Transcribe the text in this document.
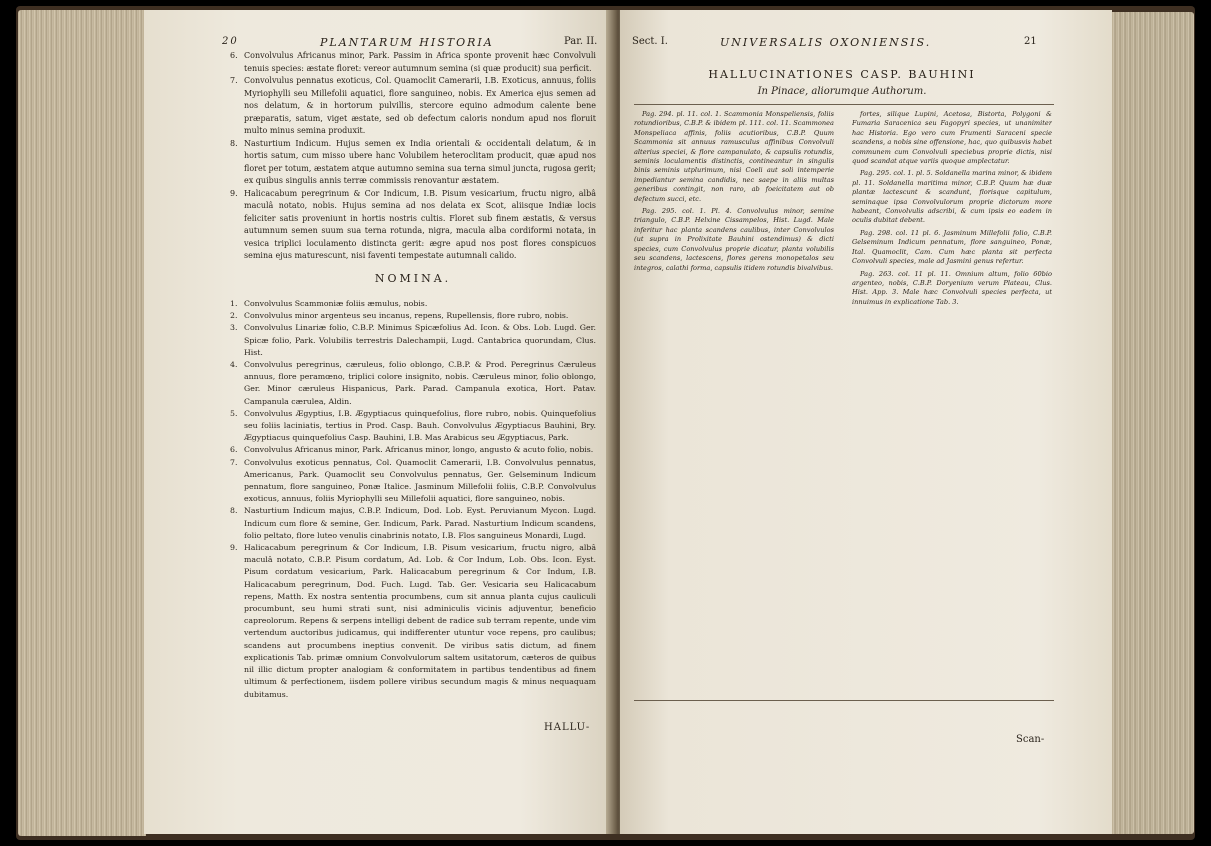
20	PLANTARUM HISTORIA	Par. II.
6. Convolvulus Africanus minor, Park. Passim in Africa sponte provenit hæc Convolvuli tenuis species: æstate floret: vereor autumnum semina (si quæ producit) sua perficit.
7. Convolvulus pennatus exoticus, Col. Quamoclit Camerarii, I.B. Exoticus, annuus, foliis Myriophylli seu Millefolii aquatici, flore sanguineo, nobis. Ex America ejus semen ad nos delatum, & in hortorum pulvillis, stercore equino admodum calente bene præparatis, satum, viget æstate, sed ob defectum caloris nondum apud nos floruit multo minus semina produxit.
8. Nasturtium Indicum. Hujus semen ex India orientali & occidentali delatum, & in hortis satum, cum misso ubere hanc Volubilem heteroclitam producit, quæ apud nos floret per totum, æstatem atque autumno semina sua terna simul juncta, rugosa gerit; ex quibus singulis annis terræ commissis renovantur æstatem.
9. Halicacabum peregrinum & Cor Indicum, I.B. Pisum vesicarium, fructu nigro, albâ maculâ notato, nobis. Hujus semina ad nos delata ex Scot, aliisque Indiæ locis feliciter satis proveniunt in hortis nostris cultis. Floret sub finem æstatis, & versus autumnum semen suum sua terna rotunda, nigra, macula alba cordiformi notata, in vesica triplici loculamento distincta gerit: ægre apud nos post flores conspicuos semina ejus maturescunt, nisi faventi tempestate autumnali calido.
NOMINA.
1. Convolvulus Scammoniæ foliis æmulus, nobis.
2. Convolvulus minor argenteus seu incanus, repens, Rupellensis, flore rubro, nobis.
3. Convolvulus Linariæ folio, C.B.P. Minimus Spicæfolius Ad. Icon. & Obs. Lob. Lugd. Ger. Spicæ folio, Park. Volubilis terrestris Dalechampii, Lugd. Cantabrica quorundam, Clus. Hist.
4. Convolvulus peregrinus, cæruleus, folio oblongo, C.B.P. & Prod. Peregrinus Cæruleus annuus, flore peramœno, triplici colore insignito, nobis. Cæruleus minor, folio oblongo, Ger. Minor cæruleus Hispanicus, Park. Parad. Campanula exotica, Hort. Patav. Campanula cærulea, Aldin.
5. Convolvulus Ægyptius, I.B. Ægyptiacus quinquefolius, flore rubro, nobis. Quinquefolius seu foliis laciniatis, tertius in Prod. Casp. Bauh. Convolvulus Ægyptiacus Bauhini, Bry. Ægyptiacus quinquefolius Casp. Bauhini, I.B. Mas Arabicus seu Ægyptiacus, Park.
6. Convolvulus Africanus minor, Park. Africanus minor, longo, angusto & acuto folio, nobis.
7. Convolvulus exoticus pennatus, Col. Quamoclit Camerarii, I.B. Convolvulus pennatus, Americanus, Park. Quamoclit seu Convolvulus pennatus, Ger. Gelseminum Indicum pennatum, flore sanguineo, Ponæ Italice. Jasminum Millefolii foliis, C.B.P. Convolvulus exoticus, annuus, foliis Myriophylli seu Millefolii aquatici, flore sanguineo, nobis.
8. Nasturtium Indicum majus, C.B.P. Indicum, Dod. Lob. Eyst. Peruvianum Mycon. Lugd. Indicum cum flore & semine, Ger. Indicum, Park. Parad. Nasturtium Indicum scandens, folio peltato, flore luteo venulis cinabrinis notato, I.B. Flos sanguineus Monardi, Lugd.
9. Halicacabum peregrinum & Cor Indicum, I.B. Pisum vesicarium, fructu nigro, albâ maculâ notato, C.B.P. Pisum cordatum, Ad. Lob. & Cor Indum, Lob. Obs. Icon. Eyst. Pisum cordatum vesicarium, Park. Halicacabum peregrinum & Cor Indum, I.B. Halicacabum peregrinum, Dod. Fuch. Lugd. Tab. Ger. Vesicaria seu Halicacabum repens, Matth. Ex nostra sententia procumbens, cum sit annua planta cujus cauliculi procumbunt, seu humi strati sunt, nisi adminiculis vicinis adjuventur, beneficio capreolorum. Repens & serpens intelligi debent de radice sub terram repente, unde vim vertendum auctoribus judicamus, qui indifferenter utuntur voce repens, pro caulibus; scandens aut procumbens ineptius convenit. De viribus satis dictum, ad finem explicationis Tab. primæ omnium Convolvulorum saltem usitatorum, cæteros de quibus nil illic dictum propter analogiam & conformitatem in partibus tendentibus ad finem ultimum & perfectionem, iisdem pollere viribus secundum magis & minus nequaquam dubitamus.
HALLU-
Sect. I.	UNIVERSALIS OXONIENSIS.	21
HALLUCINATIONES CASP. BAUHINI
In Pinace, aliorumque Authorum.

Pag. 294. pl. 11. col. 1. Scammonia Monspeliensis, foliis rotundioribus, C.B.P. & ibidem pl. 111. col. 11. Scammonea Monspeliaca affinis, foliis acutioribus, C.B.P. Quum Scammonia sit annuus ramusculus affinibus Convolvuli alterius speciei, & flore campanulato, & capsulis rotundis, seminis loculamentis distinctis, contineantur in singulis binis seminis utplurimum, nisi Coeli aut soli intemperie impediantur semina candidis, nec saepe in aliis multas generibus contingit, non raro, ab foeicitatem aut ob defectum succi, etc.

Pag. 295. col. 1. Pl. 4. Convolvulus minor, semine triangulo, C.B.P. Helxine Cissampelos, Hist. Lugd. Male inferitur hac planta scandens caulibus, inter Convolvulos (ut supra in Prolixitate Bauhini ostendimus) & dicti species, cum Convolvulus proprie dicatur, planta volubilis seu scandens, lactescens, flores gerens monopetalos seu integros, calathi forma, capsulis itidem rotundis bivalvibus.

fortes, silique Lupini, Acetosa, Bistorta, Polygoni & Fumaria Saracenica seu Fagopyri species, ut unanimiter hac Historia. Ego vero cum Frumenti Saraceni specie scandens, a nobis sine offensione, hac, quo quibusvis habet communem cum Convolvuli speciebus proprie dictis, nisi quod scandat atque variis quoque amplectatur.

Pag. 295. col. 1. pl. 5. Soldanella marina minor, & ibidem pl. 11. Soldanella maritima minor, C.B.P. Quum hæ duæ plantæ lactescunt & scandunt, florisque capitulum, seminaque ipsa Convolvulorum proprie dictorum more habeant, Convolvulis adscribi, & cum ipsis eo eadem in oculis dubitat debent.

Pag. 298. col. 11 pl. 6. Jasminum Millefolii folio, C.B.P. Gelseminum Indicum pennatum, flore sanguineo, Ponæ, Ital. Quamoclit, Cam. Cum hæc planta sit perfecta Convolvuli species, male ad Jasmini genus refertur.

Pag. 263. col. 11 pl. 11. Omnium altum, folio 60bio argenteo, nobis, C.B.P. Doryenium verum Plateau, Clus. Hist. App. 3. Male hæc Convolvuli species perfecta, ut innuimus in explicatione Tab. 3.

Scan-
